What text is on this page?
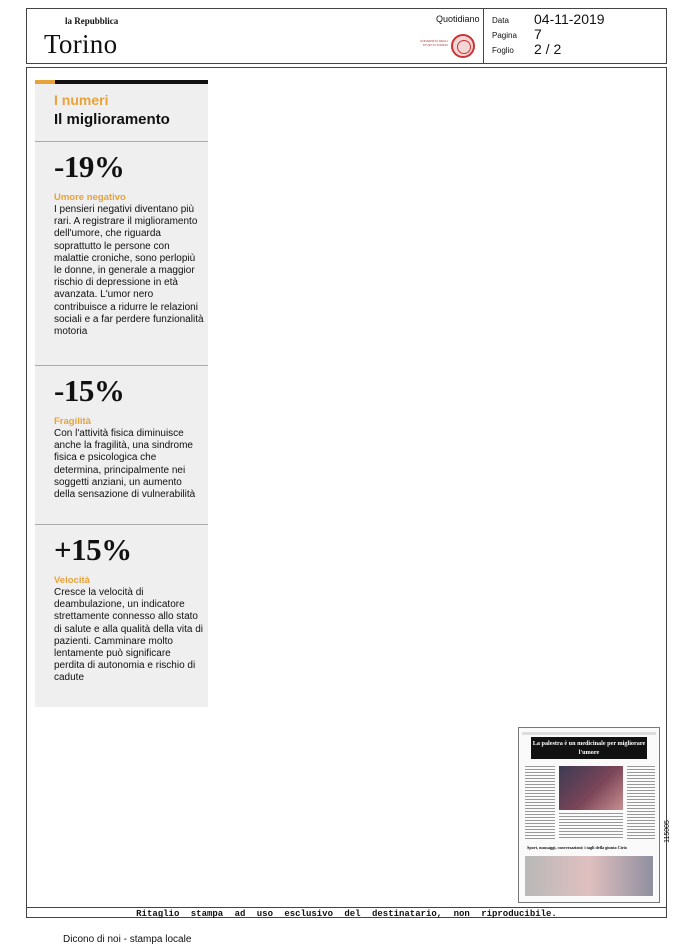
la Repubblica
Torino
Quotidiano
UNIVERSITÀ DEGLI STUDI DI TORINO
Data	04-11-2019
Pagina	7
Foglio	2 / 2
I numeri
Il miglioramento
-19%
Umore negativo
I pensieri negativi diventano più rari. A registrare il miglioramento dell'umore, che riguarda soprattutto le persone con malattie croniche, sono perlopiù le donne, in generale a maggior rischio di depressione in età avanzata. L'umor nero contribuisce a ridurre le relazioni sociali e a far perdere funzionalità motoria
-15%
Fragilità
Con l'attività fisica diminuisce anche la fragilità, una sindrome fisica e psicologica che determina, principalmente nei soggetti anziani, un aumento della sensazione di vulnerabilità
+15%
Velocità
Cresce la velocità di deambulazione, un indicatore strettamente connesso allo stato di salute e alla qualità della vita di pazienti. Camminare molto lentamente può significare perdita di autonomia e rischio di cadute
La palestra è un medicinale per migliorare l'umore
Sport, massaggi, conversazioni: i tagli della giunta Cirio
115005
Ritaglio stampa ad uso esclusivo del destinatario, non riproducibile.
Dicono di noi - stampa locale
